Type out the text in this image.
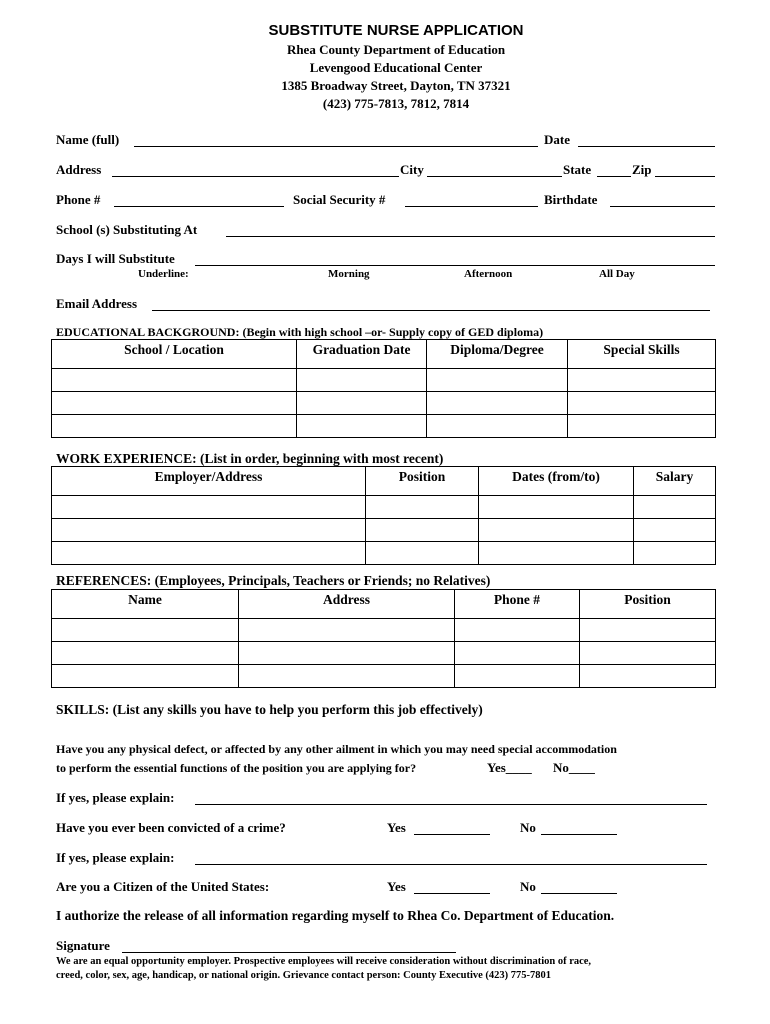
SUBSTITUTE NURSE APPLICATION
Rhea County Department of Education
Levengood Educational Center
1385 Broadway Street, Dayton, TN 37321
(423) 775-7813, 7812, 7814
Name (full)	Date
Address	City	State	Zip
Phone #	Social Security #	Birthdate
School (s) Substituting At
Days I will Substitute
Underline:	Morning	Afternoon	All Day
Email Address
EDUCATIONAL BACKGROUND: (Begin with high school –or- Supply copy of GED diploma)
School / Location	Graduation Date	Diploma/Degree	Special Skills

WORK EXPERIENCE: (List in order, beginning with most recent)
Employer/Address	Position	Dates (from/to)	Salary

REFERENCES: (Employees, Principals, Teachers or Friends; no Relatives)
Name	Address	Phone #	Position

SKILLS: (List any skills you have to help you perform this job effectively)
Have you any physical defect, or affected by any other ailment in which you may need special accommodation
to perform the essential functions of the position you are applying for?	Yes____ No____
If yes, please explain:
Have you ever been convicted of a crime?	Yes	No
If yes, please explain:
Are you a Citizen of the United States:	Yes	No
I authorize the release of all information regarding myself to Rhea Co. Department of Education.
Signature
We are an equal opportunity employer. Prospective employees will receive consideration without discrimination of race,
creed, color, sex, age, handicap, or national origin. Grievance contact person: County Executive (423) 775-7801
